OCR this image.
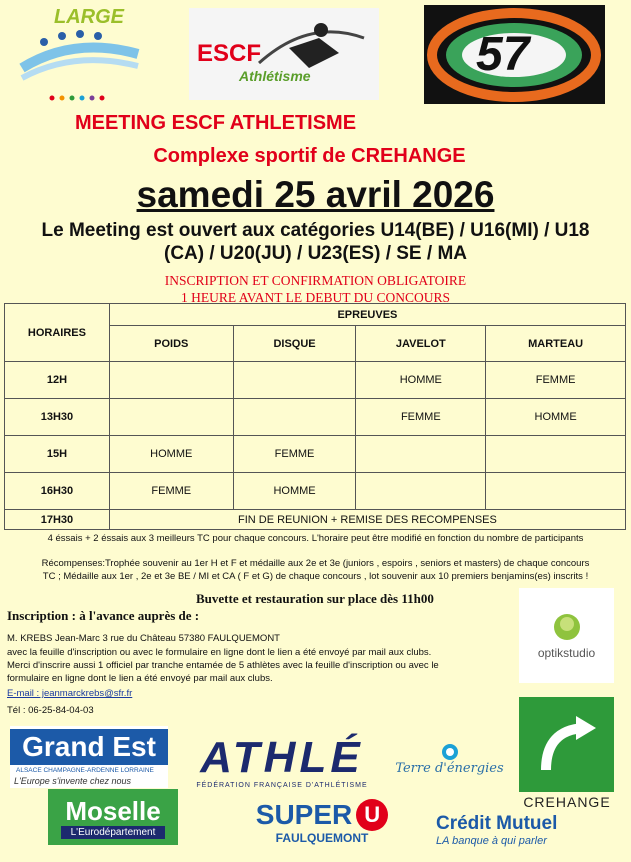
LARGE
ESCF
Athlétisme	57
MEETING ESCF ATHLETISME
Complexe sportif de CREHANGE
samedi 25 avril 2026
Le Meeting est ouvert aux catégories U14(BE) / U16(MI) / U18
(CA) / U20(JU) / U23(ES) / SE / MA
INSCRIPTION ET CONFIRMATION OBLIGATOIRE
1 HEURE AVANT LE DEBUT DU CONCOURS
HORAIRES	EPREUVES			
	POIDS	DISQUE	JAVELOT	MARTEAU
12H			HOMME	FEMME
13H30			FEMME	HOMME
15H	HOMME	FEMME		
16H30	FEMME	HOMME		
17H30	FIN DE REUNION + REMISE DES RECOMPENSES			
4 éssais + 2 éssais aux 3 meilleurs TC pour chaque concours. L'horaire peut être modifié en fonction du nombre de participants
Récompenses:Trophée souvenir au 1er H et F et médaille aux 2e et 3e (juniors , espoirs , seniors et masters) de chaque concours
TC ; Médaille aux 1er , 2e et 3e BE / MI et CA ( F et G) de chaque concours , lot souvenir aux 10 premiers benjamins(es) inscrits !
Buvette et restauration sur place dès 11h00
Inscription : à l'avance auprès de :
M. KREBS Jean-Marc 3 rue du Château 57380 FAULQUEMONT
avec la feuille d'inscription ou avec le formulaire en ligne dont le lien a été envoyé par mail aux clubs.
Merci d'inscrire aussi 1 officiel par tranche entamée de 5 athlètes avec la feuille d'inscription ou avec le
formulaire en ligne dont le lien a été envoyé par mail aux clubs.
E-mail : jeanmarckrebs@sfr.fr
Tél : 06-25-84-04-03
optikstudio
CREHANGE
Grand Est
ALSACE CHAMPAGNE-ARDENNE LORRAINE
L'Europe s'invente chez nous ATHLÉ
FÉDÉRATION FRANÇAISE D'ATHLÉTISME
Terre d'énergies
Moselle
L'Eurodépartement
SUPER U
FAULQUEMONT
Crédit Mutuel
LA banque à qui parler
